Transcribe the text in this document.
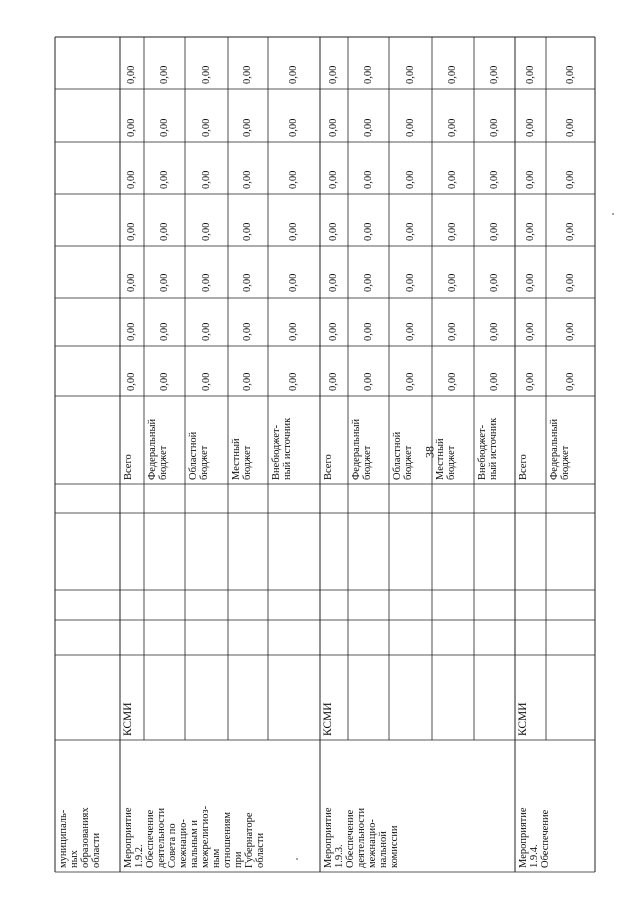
38
муниципаль- ных образованиях области Мероприятие 1.9.2. Обеспечение деятельности Совета по межнацио- нальным и межрелигиоз- ным отношениям при Губернаторе области
КСМИ
Всего
0,00
0,00
0,00
0,00
0,00
0,00
0,00
Федеральный бюджет
0,00
0,00
0,00
0,00
0,00
0,00
0,00
Областной бюджет
0,00
0,00
0,00
0,00
0,00
0,00
0,00
Местный бюджет
0,00
0,00
0,00
0,00
0,00
0,00
0,00
Внебюджет- ный источник
0,00
0,00
0,00
0,00
0,00
0,00
0,00
Мероприятие 1.9.3. Обеспечение деятельности межнацио- нальной комиссии
КСМИ
Всего
0,00
0,00
0,00
0,00
0,00
0,00
0,00
Федеральный бюджет
0,00
0,00
0,00
0,00
0,00
0,00
0,00
Областной бюджет
0,00
0,00
0,00
0,00
0,00
0,00
0,00
Местный бюджет
0,00
0,00
0,00
0,00
0,00
0,00
0,00
Внебюджет- ный источник
0,00
0,00
0,00
0,00
0,00
0,00
0,00
Мероприятие 1.9.4. Обеспечение
КСМИ
Всего
0,00
0,00
0,00
0,00
0,00
0,00
0,00
Федеральный бюджет
0,00
0,00
0,00
0,00
0,00
0,00
0,00
